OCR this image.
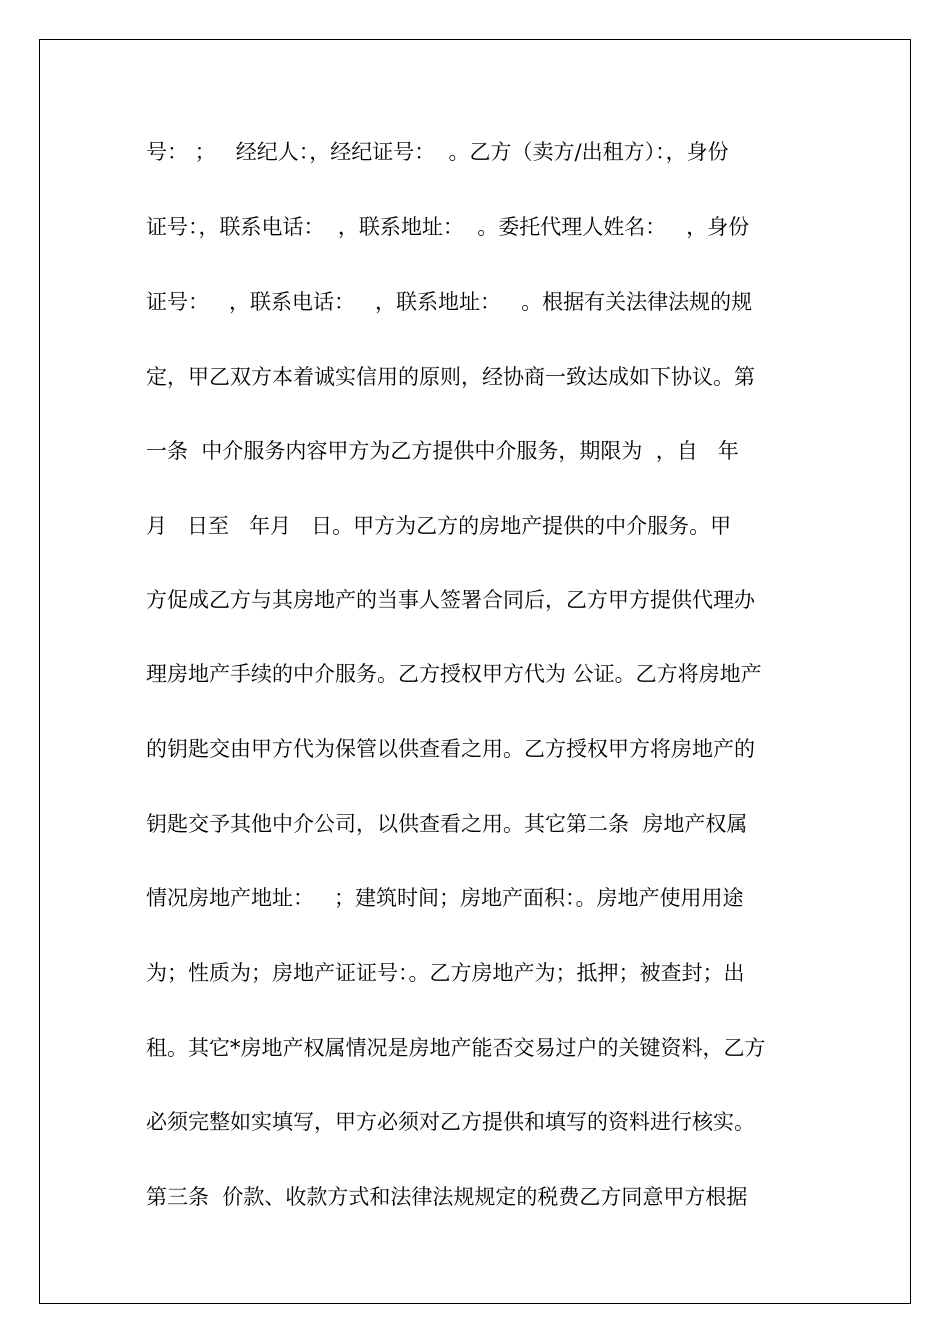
号： ；   经纪人：，经纪证号：  。乙方（卖方/出租方）：，身份
证号：，联系电话：  ，联系地址：  。委托代理人姓名：   ，身份
证号：   ，联系电话：   ，联系地址：   。根据有关法律法规的规
定，甲乙双方本着诚实信用的原则，经协商一致达成如下协议。第
一条  中介服务内容甲方为乙方提供中介服务，期限为  ，自   年
月   日至   年月   日。甲方为乙方的房地产提供的中介服务。甲
方促成乙方与其房地产的当事人签署合同后，乙方甲方提供代理办
理房地产手续的中介服务。乙方授权甲方代为 公证。乙方将房地产
的钥匙交由甲方代为保管以供查看之用。乙方授权甲方将房地产的
钥匙交予其他中介公司，以供查看之用。其它第二条  房地产权属
情况房地产地址：   ；建筑时间；房地产面积：。房地产使用用途
为；性质为；房地产证证号：。乙方房地产为；抵押；被查封；出
租。其它*房地产权属情况是房地产能否交易过户的关键资料，乙方
必须完整如实填写，甲方必须对乙方提供和填写的资料进行核实。
第三条  价款、收款方式和法律法规规定的税费乙方同意甲方根据
